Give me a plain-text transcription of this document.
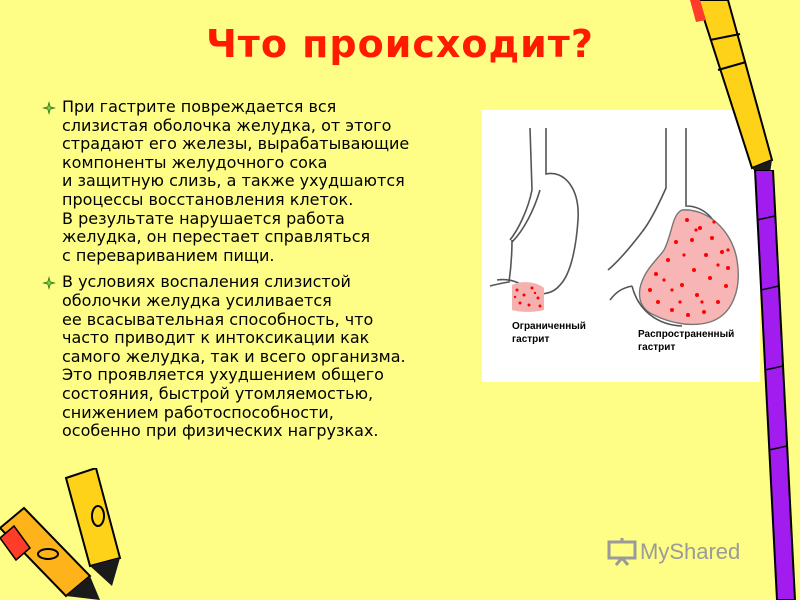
Что происходит?
При гастрите повреждается вся
слизистая оболочка желудка, от этого
страдают его железы, вырабатывающие
компоненты желудочного сока
и защитную слизь, а также ухудшаются
процессы восстановления клеток.
В результате нарушается работа
желудка, он перестает справляться
с перевариванием пищи.
В условиях воспаления слизистой
оболочки желудка усиливается
ее всасывательная способность, что
часто приводит к интоксикации как
самого желудка, так и всего организма.
Это проявляется ухудшением общего
состояния, быстрой утомляемостью,
снижением работоспособности,
особенно при физических нагрузках.
Ограниченный
гастрит	Распространенный
гастрит
MyShared
